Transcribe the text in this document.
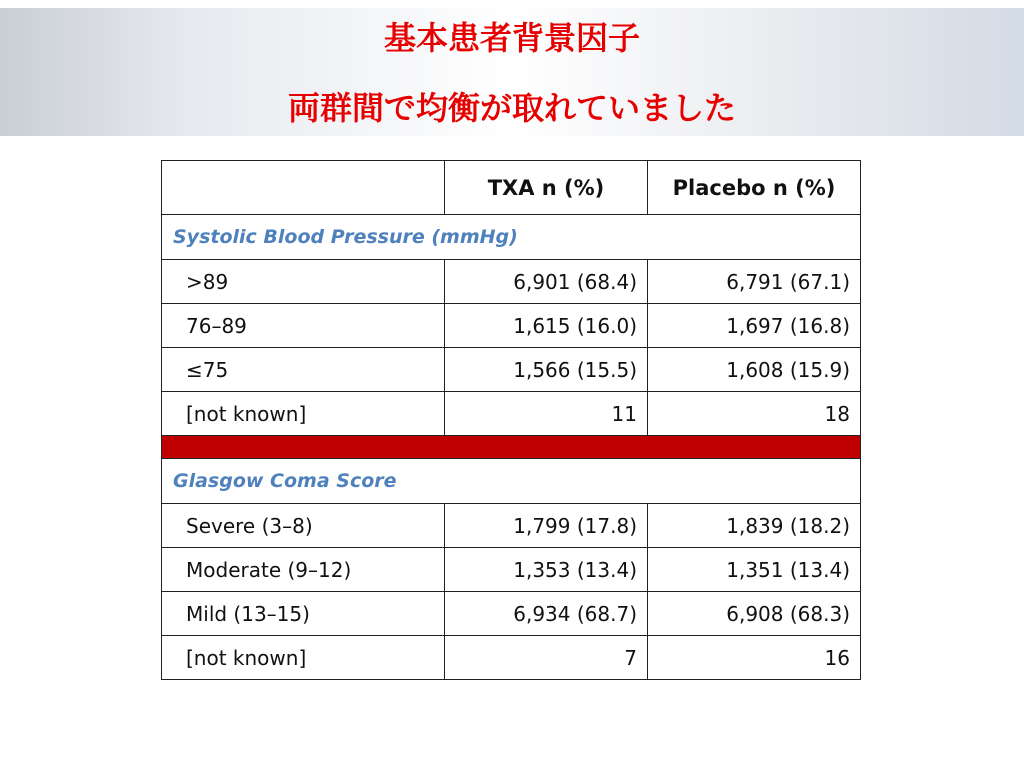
基本患者背景因子
両群間で均衡が取れていました
	TXA n (%)	Placebo n (%)
Systolic Blood Pressure (mmHg)		
>89	6,901 (68.4)	6,791 (67.1)
76–89	1,615 (16.0)	1,697 (16.8)
≤75	1,566 (15.5)	1,608 (15.9)
[not known]	11	18

Glasgow Coma Score		
Severe (3–8)	1,799 (17.8)	1,839 (18.2)
Moderate (9–12)	1,353 (13.4)	1,351 (13.4)
Mild (13–15)	6,934 (68.7)	6,908 (68.3)
[not known]	7	16
